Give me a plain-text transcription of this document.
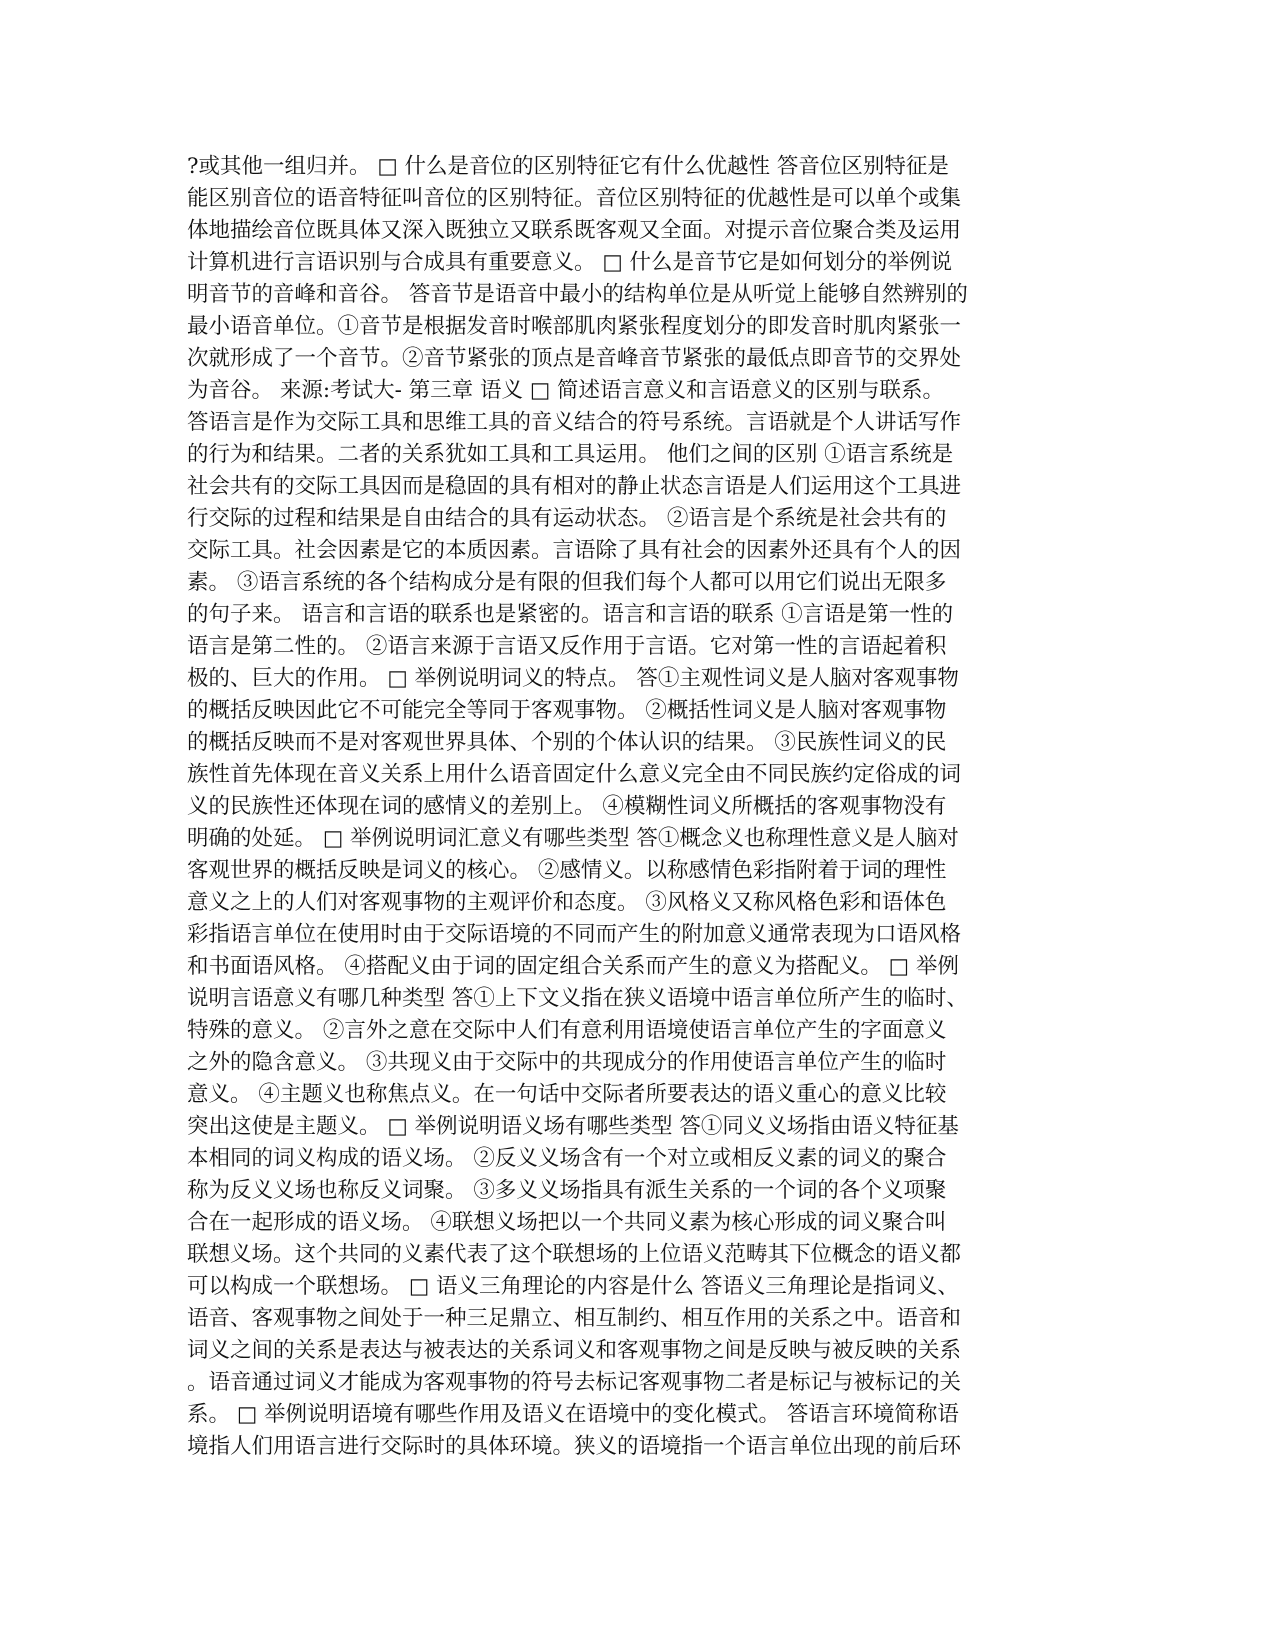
?或其他一组归并。 □ 什么是音位的区别特征它有什么优越性 答音位区别特征是
能区别音位的语音特征叫音位的区别特征。音位区别特征的优越性是可以单个或集
体地描绘音位既具体又深入既独立又联系既客观又全面。对提示音位聚合类及运用
计算机进行言语识别与合成具有重要意义。 □ 什么是音节它是如何划分的举例说
明音节的音峰和音谷。 答音节是语音中最小的结构单位是从听觉上能够自然辨别的
最小语音单位。①音节是根据发音时喉部肌肉紧张程度划分的即发音时肌肉紧张一
次就形成了一个音节。②音节紧张的顶点是音峰音节紧张的最低点即音节的交界处
为音谷。 来源:考试大- 第三章 语义 □ 简述语言意义和言语意义的区别与联系。
答语言是作为交际工具和思维工具的音义结合的符号系统。言语就是个人讲话写作
的行为和结果。二者的关系犹如工具和工具运用。 他们之间的区别 ①语言系统是
社会共有的交际工具因而是稳固的具有相对的静止状态言语是人们运用这个工具进
行交际的过程和结果是自由结合的具有运动状态。 ②语言是个系统是社会共有的
交际工具。社会因素是它的本质因素。言语除了具有社会的因素外还具有个人的因
素。 ③语言系统的各个结构成分是有限的但我们每个人都可以用它们说出无限多
的句子来。 语言和言语的联系也是紧密的。语言和言语的联系 ①言语是第一性的
语言是第二性的。 ②语言来源于言语又反作用于言语。它对第一性的言语起着积
极的、巨大的作用。 □ 举例说明词义的特点。 答①主观性词义是人脑对客观事物
的概括反映因此它不可能完全等同于客观事物。 ②概括性词义是人脑对客观事物
的概括反映而不是对客观世界具体、个别的个体认识的结果。 ③民族性词义的民
族性首先体现在音义关系上用什么语音固定什么意义完全由不同民族约定俗成的词
义的民族性还体现在词的感情义的差别上。 ④模糊性词义所概括的客观事物没有
明确的处延。 □ 举例说明词汇意义有哪些类型 答①概念义也称理性意义是人脑对
客观世界的概括反映是词义的核心。 ②感情义。以称感情色彩指附着于词的理性
意义之上的人们对客观事物的主观评价和态度。 ③风格义又称风格色彩和语体色
彩指语言单位在使用时由于交际语境的不同而产生的附加意义通常表现为口语风格
和书面语风格。 ④搭配义由于词的固定组合关系而产生的意义为搭配义。 □ 举例
说明言语意义有哪几种类型 答①上下文义指在狭义语境中语言单位所产生的临时、
特殊的意义。 ②言外之意在交际中人们有意利用语境使语言单位产生的字面意义
之外的隐含意义。 ③共现义由于交际中的共现成分的作用使语言单位产生的临时
意义。 ④主题义也称焦点义。在一句话中交际者所要表达的语义重心的意义比较
突出这使是主题义。 □ 举例说明语义场有哪些类型 答①同义义场指由语义特征基
本相同的词义构成的语义场。 ②反义义场含有一个对立或相反义素的词义的聚合
称为反义义场也称反义词聚。 ③多义义场指具有派生关系的一个词的各个义项聚
合在一起形成的语义场。 ④联想义场把以一个共同义素为核心形成的词义聚合叫
联想义场。这个共同的义素代表了这个联想场的上位语义范畴其下位概念的语义都
可以构成一个联想场。 □ 语义三角理论的内容是什么 答语义三角理论是指词义、
语音、客观事物之间处于一种三足鼎立、相互制约、相互作用的关系之中。语音和
词义之间的关系是表达与被表达的关系词义和客观事物之间是反映与被反映的关系
。语音通过词义才能成为客观事物的符号去标记客观事物二者是标记与被标记的关
系。 □ 举例说明语境有哪些作用及语义在语境中的变化模式。 答语言环境简称语
境指人们用语言进行交际时的具体环境。狭义的语境指一个语言单位出现的前后环
